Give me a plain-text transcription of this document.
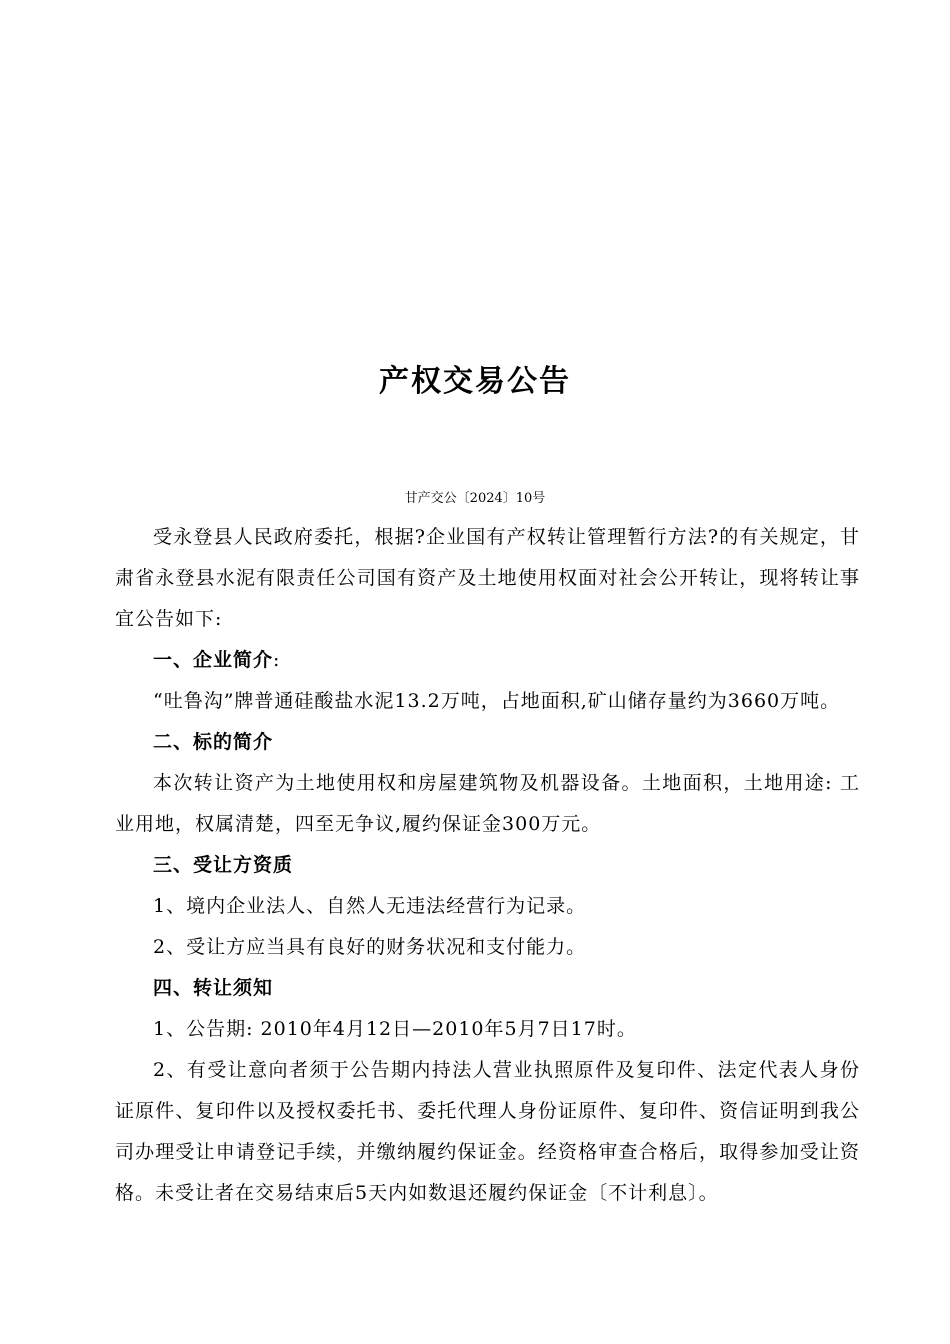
产权交易公告

甘产交公〔2024〕10号

受永登县人民政府委托，根据?企业国有产权转让管理暂行方法?的有关规定，甘肃省永登县水泥有限责任公司国有资产及土地使用权面对社会公开转让，现将转让事宜公告如下:

一、企业简介:

“吐鲁沟”牌普通硅酸盐水泥13.2万吨，占地面积,矿山储存量约为3660万吨。

二、标的简介

本次转让资产为土地使用权和房屋建筑物及机器设备。土地面积，土地用途: 工业用地，权属清楚，四至无争议,履约保证金300万元。

三、受让方资质

1、境内企业法人、自然人无违法经营行为记录。

2、受让方应当具有良好的财务状况和支付能力。

四、转让须知

1、公告期: 2010年4月12日—2010年5月7日17时。

2、有受让意向者须于公告期内持法人营业执照原件及复印件、法定代表人身份证原件、复印件以及授权委托书、委托代理人身份证原件、复印件、资信证明到我公司办理受让申请登记手续，并缴纳履约保证金。经资格审查合格后，取得参加受让资格。未受让者在交易结束后5天内如数退还履约保证金〔不计利息〕。
